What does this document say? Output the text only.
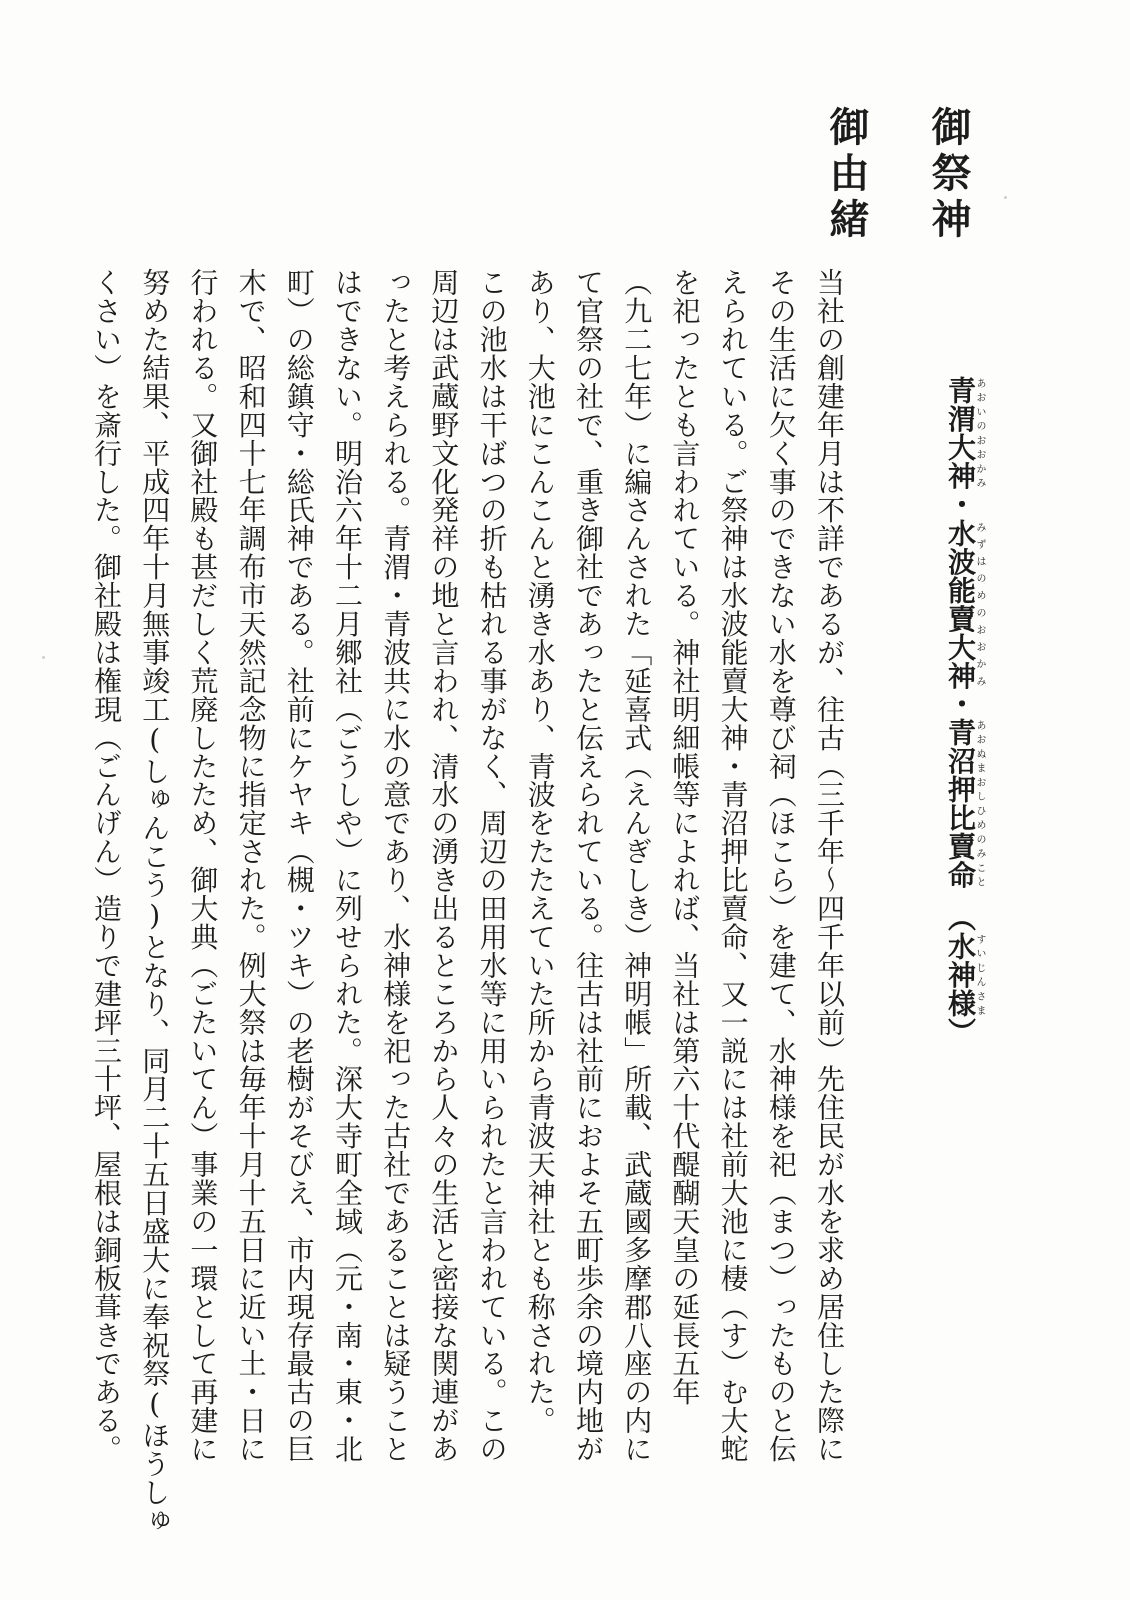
御祭神
御由緒
青渭大神あおいのおおかみ・水波能賣大神みずはのめのおおかみ・青沼押比賣命あおぬまおしひめのみこと　（水神様すいじんさま）
当社の創建年月は不詳であるが、往古（三千年〜四千年以前）先住民が水を求め居住した際に
その生活に欠く事のできない水を尊び祠（ほこら）を建て、水神様を祀（まつ）ったものと伝
えられている。ご祭神は水波能賣大神・青沼押比賣命、又一説には社前大池に棲（す）む大蛇
を祀ったとも言われている。神社明細帳等によれば、当社は第六十代醍醐天皇の延長五年
（九二七年）に編さんされた「延喜式（えんぎしき）神明帳」所載、武蔵國多摩郡八座の内に
て官祭の社で、重き御社であったと伝えられている。往古は社前におよそ五町歩余の境内地が
あり、大池にこんこんと湧き水あり、青波をたたえていた所から青波天神社とも称された。
この池水は干ばつの折も枯れる事がなく、周辺の田用水等に用いられたと言われている。この
周辺は武蔵野文化発祥の地と言われ、清水の湧き出るところから人々の生活と密接な関連があ
ったと考えられる。青渭・青波共に水の意であり、水神様を祀った古社であることは疑うこと
はできない。明治六年十二月郷社（ごうしや）に列せられた。深大寺町全域（元・南・東・北
町）の総鎮守・総氏神である。社前にケヤキ（槻・ツキ）の老樹がそびえ、市内現存最古の巨
木で、昭和四十七年調布市天然記念物に指定された。例大祭は毎年十月十五日に近い土・日に
行われる。又御社殿も甚だしく荒廃したため、御大典（ごたいてん）事業の一環として再建に
努めた結果、平成四年十月無事竣工(しゅんこう)となり、同月二十五日盛大に奉祝祭(ほうしゅ
くさい）を斎行した。御社殿は権現（ごんげん）造りで建坪三十坪、屋根は銅板葺きである。
